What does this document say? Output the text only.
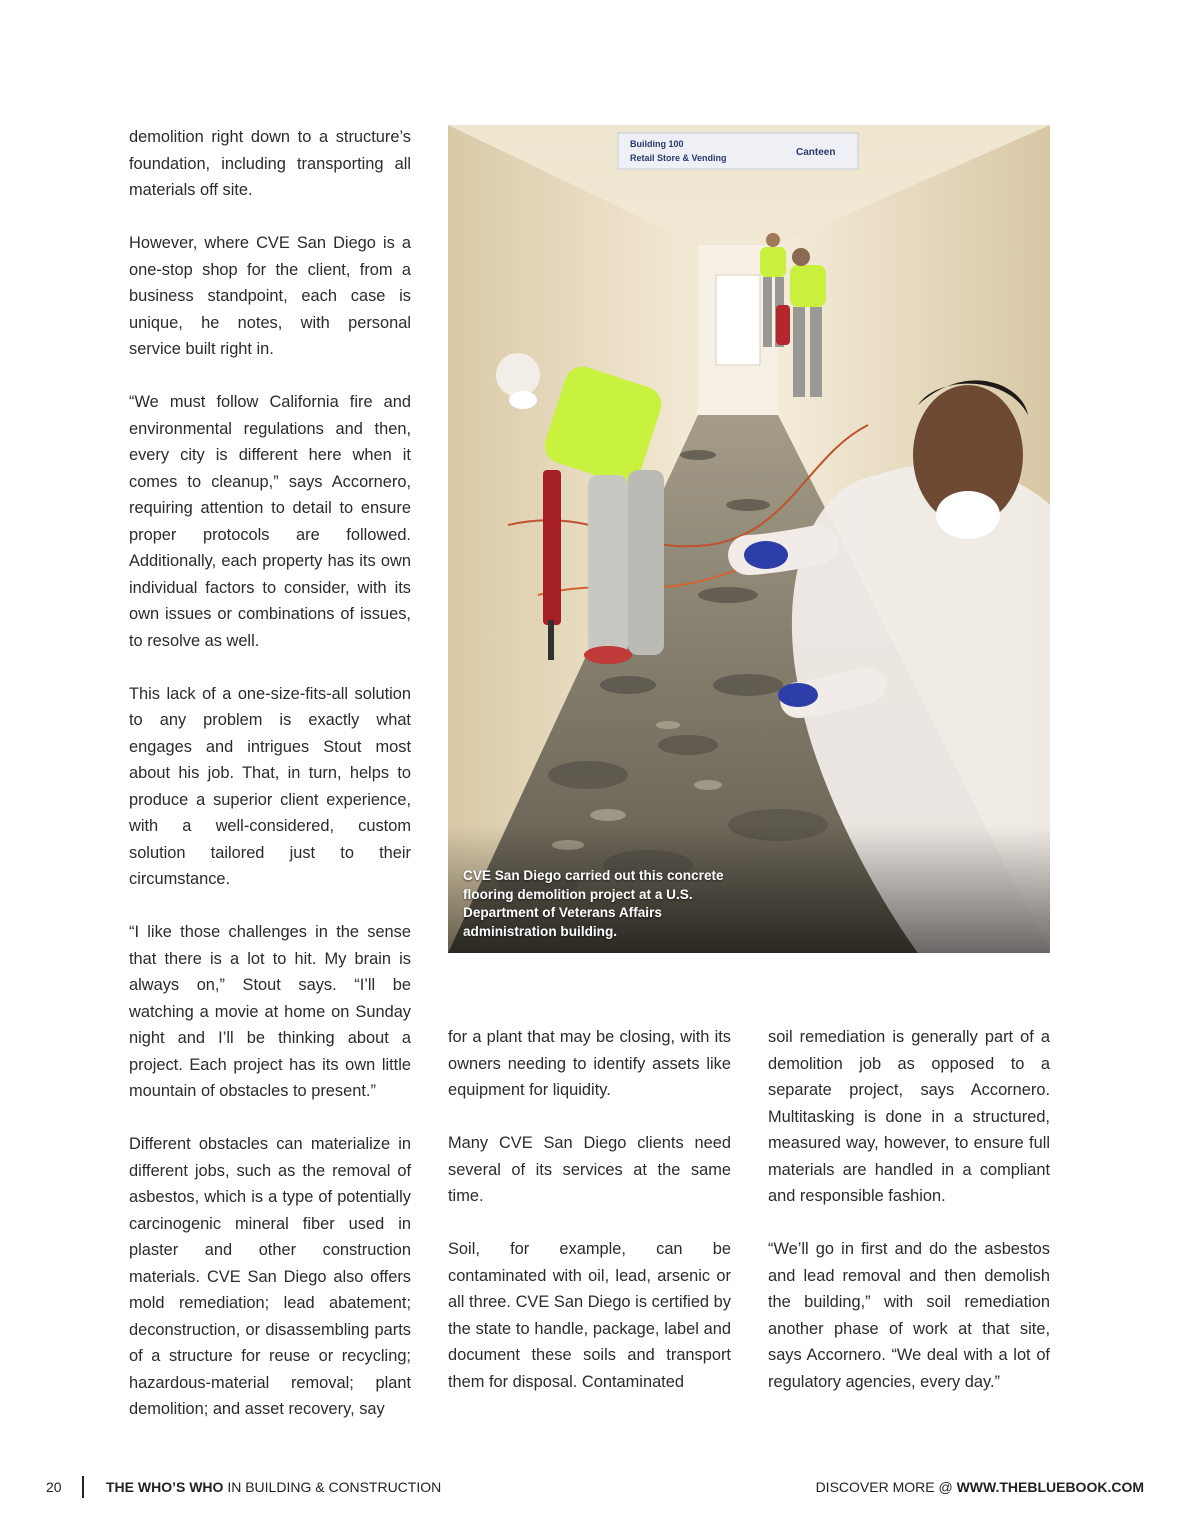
demolition right down to a structure’s foundation, including transporting all materials off site.

However, where CVE San Diego is a one-stop shop for the client, from a business standpoint, each case is unique, he notes, with personal service built right in.

“We must follow California fire and environmental regulations and then, every city is different here when it comes to cleanup,” says Accornero, requiring attention to detail to ensure proper protocols are followed. Additionally, each property has its own individual factors to consider, with its own issues or combinations of issues, to resolve as well.

This lack of a one-size-fits-all solution to any problem is exactly what engages and intrigues Stout most about his job. That, in turn, helps to produce a superior client experience, with a well-considered, custom solution tailored just to their circumstance.

“I like those challenges in the sense that there is a lot to hit. My brain is always on,” Stout says. “I’ll be watching a movie at home on Sunday night and I’ll be thinking about a project. Each project has its own little mountain of obstacles to present.”

Different obstacles can materialize in different jobs, such as the removal of asbestos, which is a type of potentially carcinogenic mineral fiber used in plaster and other construction materials. CVE San Diego also offers mold remediation; lead abatement; deconstruction, or disassembling parts of a structure for reuse or recycling; hazardous-material removal; plant demolition; and asset recovery, say

Building 100
Retail Store & Vending	Canteen
CVE San Diego carried out this concrete flooring demolition project at a U.S. Department of Veterans Affairs administration building.

for a plant that may be closing, with its owners needing to identify assets like equipment for liquidity.

Many CVE San Diego clients need several of its services at the same time.

Soil, for example, can be contaminated with oil, lead, arsenic or all three. CVE San Diego is certified by the state to handle, package, label and document these soils and transport them for disposal. Contaminated

soil remediation is generally part of a demolition job as opposed to a separate project, says Accornero. Multitasking is done in a structured, measured way, however, to ensure full materials are handled in a compliant and responsible fashion.

“We’ll go in first and do the asbestos and lead removal and then demolish the building,” with soil remediation another phase of work at that site, says Accornero. “We deal with a lot of regulatory agencies, every day.”

20	THE WHO’S WHO IN BUILDING & CONSTRUCTION	DISCOVER MORE @ WWW.THEBLUEBOOK.COM
